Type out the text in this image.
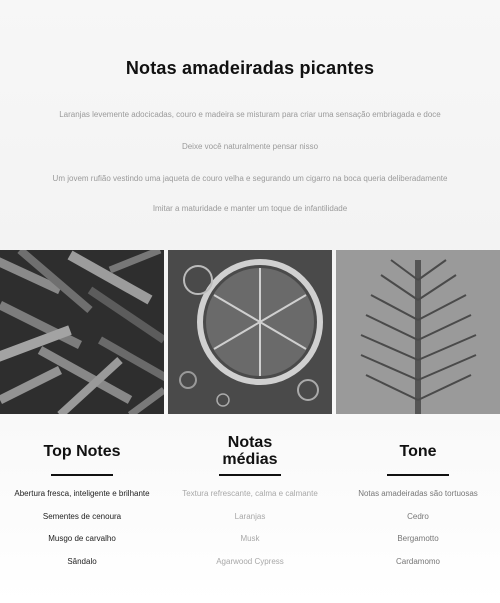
Notas amadeiradas picantes

Laranjas levemente adocicadas, couro e madeira se misturam para criar uma sensação embriagada e doce

Deixe você naturalmente pensar nisso

Um jovem rufião vestindo uma jaqueta de couro velha e segurando um cigarro na boca queria deliberadamente

Imitar a maturidade e manter um toque de infantilidade

Top Notes
Abertura fresca, inteligente e brilhante
Sementes de cenoura
Musgo de carvalho
Sândalo
Notas
médias
Textura refrescante, calma e calmante
Laranjas
Musk
Agarwood Cypress
Tone
Notas amadeiradas são tortuosas
Cedro
Bergamotto
Cardamomo
